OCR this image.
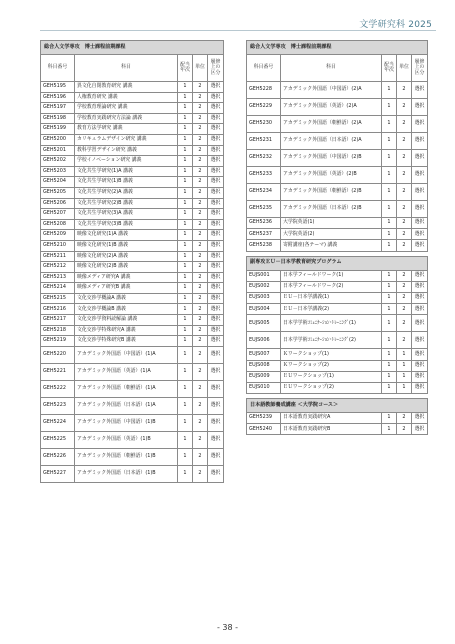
文学研究科 2025
総合人文学専攻　博士課程前期課程				
科目番号	科目	配当年次	単位	履修上の区分
GEH5195	異文化自閉教育研究 講義	1	2	選択
GEH5196	人権教育研究 講義	1	2	選択
GEH5197	学校教育理論研究 講義	1	2	選択
GEH5198	学校教育実践研究方法論 講義	1	2	選択
GEH5199	教育方法学研究 講義	1	2	選択
GEH5200	カリキュラムデザイン研究 講義	1	2	選択
GEH5201	教科学習デザイン研究 講義	1	2	選択
GEH5202	学校イノベーション研究 講義	1	2	選択
GEH5203	文化共生学研究(1)A 講義	1	2	選択
GEH5204	文化共生学研究(1)B 講義	1	2	選択
GEH5205	文化共生学研究(2)A 講義	1	2	選択
GEH5206	文化共生学研究(2)B 講義	1	2	選択
GEH5207	文化共生学研究(3)A 講義	1	2	選択
GEH5208	文化共生学研究(3)B 講義	1	2	選択
GEH5209	映像文化研究(1)A 講義	1	2	選択
GEH5210	映像文化研究(1)B 講義	1	2	選択
GEH5211	映像文化研究(2)A 講義	1	2	選択
GEH5212	映像文化研究(2)B 講義	1	2	選択
GEH5213	映像メディア研究A 講義	1	2	選択
GEH5214	映像メディア研究B 講義	1	2	選択
GEH5215	文化交渉学概論A 講義	1	2	選択
GEH5216	文化交渉学概論B 講義	1	2	選択
GEH5217	文化交渉学資料読解論 講義	1	2	選択
GEH5218	文化交渉学特殊研究A 講義	1	2	選択
GEH5219	文化交渉学特殊研究B 講義	1	2	選択
GEH5220	アカデミック外国語（中国語）(1)A	1	2	選択
GEH5221	アカデミック外国語（英語）(1)A	1	2	選択
GEH5222	アカデミック外国語（朝鮮語）(1)A	1	2	選択
GEH5223	アカデミック外国語（日本語）(1)A	1	2	選択
GEH5224	アカデミック外国語（中国語）(1)B	1	2	選択
GEH5225	アカデミック外国語（英語）(1)B	1	2	選択
GEH5226	アカデミック外国語（朝鮮語）(1)B	1	2	選択
GEH5227	アカデミック外国語（日本語）(1)B	1	2	選択
総合人文学専攻　博士課程前期課程				
科目番号	科目	配当年次	単位	履修上の区分
GEH5228	アカデミック外国語（中国語）(2)A	1	2	選択
GEH5229	アカデミック外国語（英語）(2)A	1	2	選択
GEH5230	アカデミック外国語（朝鮮語）(2)A	1	2	選択
GEH5231	アカデミック外国語（日本語）(2)A	1	2	選択
GEH5232	アカデミック外国語（中国語）(2)B	1	2	選択
GEH5233	アカデミック外国語（英語）(2)B	1	2	選択
GEH5234	アカデミック外国語（朝鮮語）(2)B	1	2	選択
GEH5235	アカデミック外国語（日本語）(2)B	1	2	選択
GEH5236	大学院英語(1)	1	2	選択
GEH5237	大学院英語(2)	1	2	選択
GEH5238	寄附講座(各テーマ) 講義	1	2	選択

副専攻ＥＵ－日本学教育研究プログラム				
EUJS001	日本学フィールドワーク(1)	1	2	選択
EUJS002	日本学フィールドワーク(2)	1	2	選択
EUJS003	ＥＵ－日本学講義(1)	1	2	選択
EUJS004	ＥＵ－日本学講義(2)	1	2	選択
EUJS005	日本学学術ｺﾐｭﾆｹｰｼｮﾝ･ﾄﾚｰﾆﾝｸﾞ(1)	1	2	選択
EUJS006	日本学学術ｺﾐｭﾆｹｰｼｮﾝ･ﾄﾚｰﾆﾝｸﾞ(2)	1	2	選択
EUJS007	Ｋワークショップ(1)	1	1	選択
EUJS008	Ｋワークショップ(2)	1	1	選択
EUJS009	ＥＵワークショップ(1)	1	1	選択
EUJS010	ＥＵワークショップ(2)	1	1	選択

日本語教師養成講座 ＜大学院コース＞				
GEH5239	日本語教育実践研究A	1	2	選択
GEH5240	日本語教育実践研究B	1	2	選択
- 38 -
